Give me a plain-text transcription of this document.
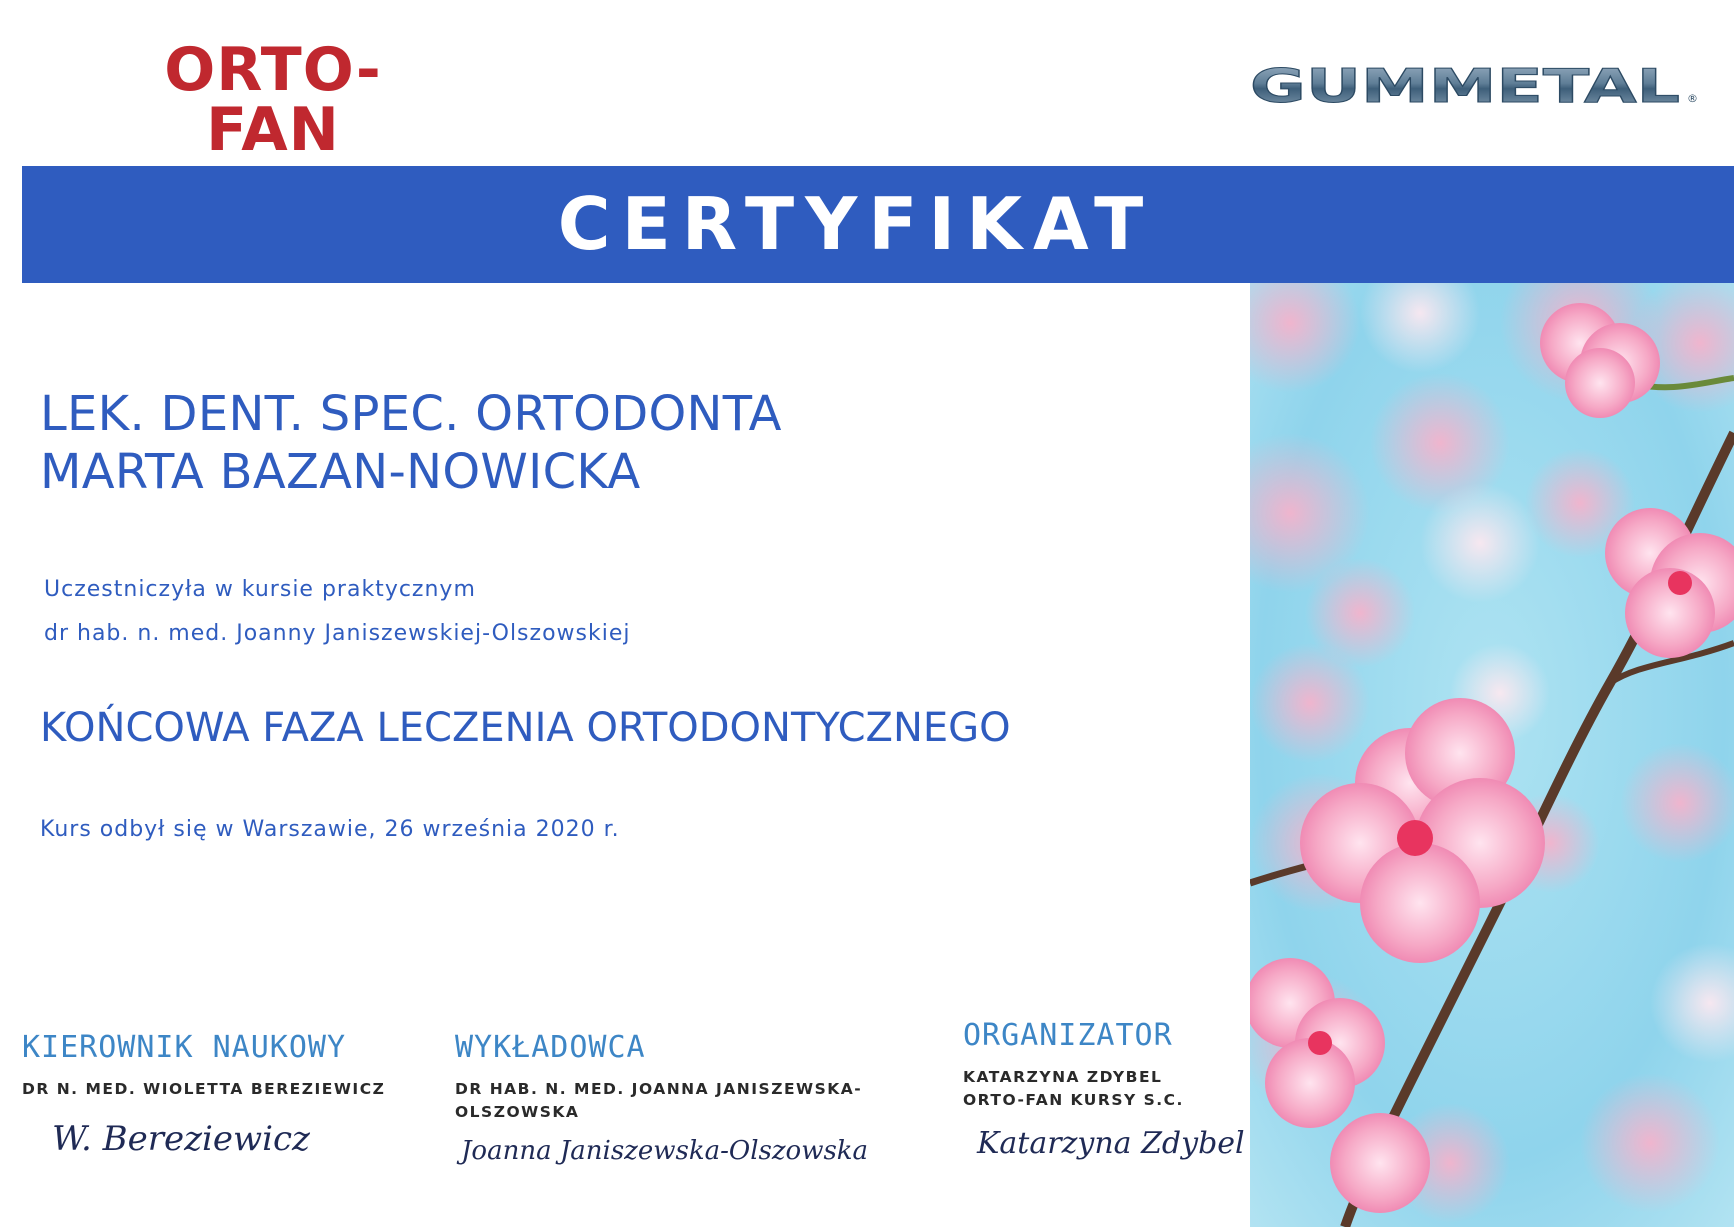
ORTO-FAN
GUMMETAL ®
CERTYFIKAT
LEK. DENT. SPEC. ORTODONTA
MARTA BAZAN-NOWICKA
Uczestniczyła w kursie praktycznym
dr hab. n. med. Joanny Janiszewskiej-Olszowskiej
KOŃCOWA FAZA LECZENIA ORTODONTYCZNEGO
Kurs odbył się w Warszawie, 26 września 2020 r.
KIEROWNIK NAUKOWY
DR N. MED. WIOLETTA BEREZIEWICZ
W. Bereziewicz
WYKŁADOWCA
DR HAB. N. MED. JOANNA JANISZEWSKA-
OLSZOWSKA
Joanna Janiszewska-Olszowska
ORGANIZATOR
KATARZYNA ZDYBEL
ORTO-FAN KURSY S.C.
Katarzyna Zdybel
